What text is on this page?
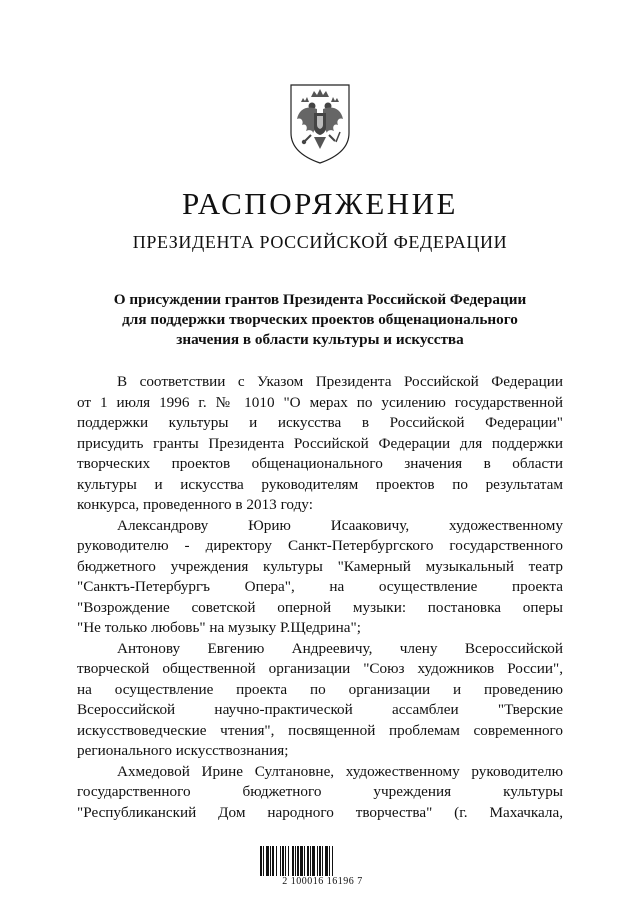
РАСПОРЯЖЕНИЕ
ПРЕЗИДЕНТА РОССИЙСКОЙ ФЕДЕРАЦИИ
О присуждении грантов Президента Российской Федерации
для поддержки творческих проектов общенационального
значения в области культуры и искусства
В соответствии с Указом Президента Российской Федерации
от 1 июля 1996 г. № 1010 "О мерах по усилению государственной
поддержки культуры и искусства в Российской Федерации"
присудить гранты Президента Российской Федерации для поддержки
творческих проектов общенационального значения в области
культуры и искусства руководителям проектов по результатам
конкурса, проведенного в 2013 году:
Александрову Юрию Исааковичу, художественному
руководителю - директору Санкт-Петербургского государственного
бюджетного учреждения культуры "Камерный музыкальный театр
"Санктъ-Петербургъ Опера", на осуществление проекта
"Возрождение советской оперной музыки: постановка оперы
"Не только любовь" на музыку Р.Щедрина";
Антонову Евгению Андреевичу, члену Всероссийской
творческой общественной организации "Союз художников России",
на осуществление проекта по организации и проведению
Всероссийской научно-практической ассамблеи "Тверские
искусствоведческие чтения", посвященной проблемам современного
регионального искусствознания;
Ахмедовой Ирине Султановне, художественному руководителю
государственного бюджетного учреждения культуры
"Республиканский Дом народного творчества" (г. Махачкала,
2 100016 16196 7
